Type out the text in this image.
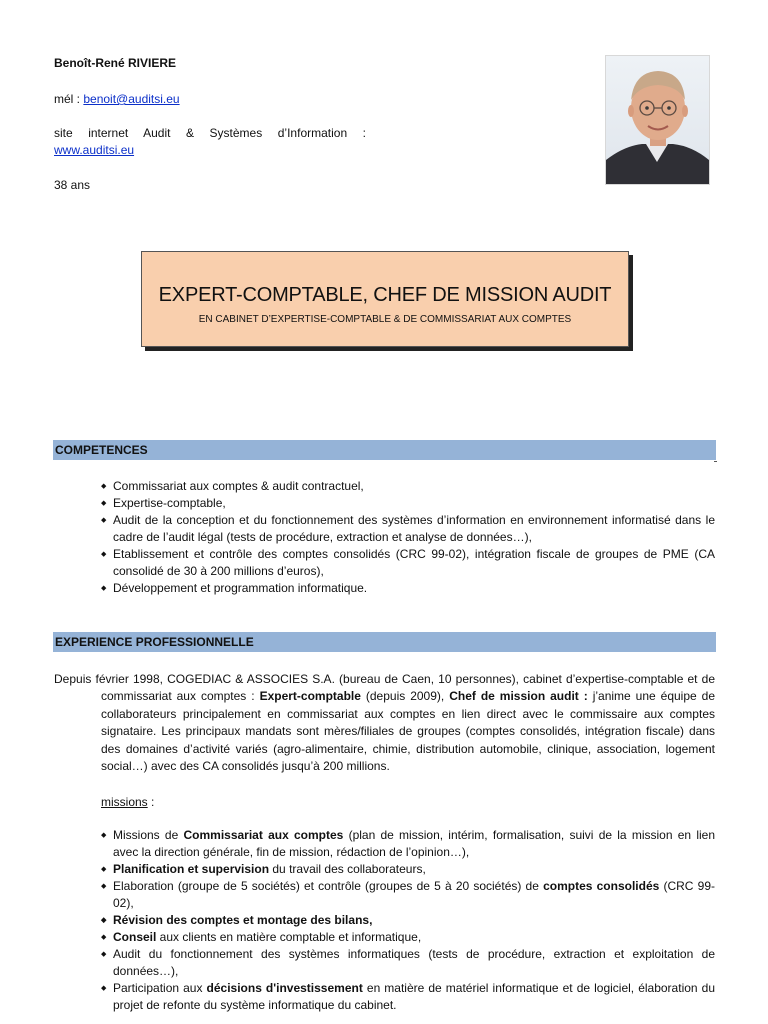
Benoît-René RIVIERE
mél : benoit@auditsi.eu
site internet Audit & Systèmes d’Information :
www.auditsi.eu
38 ans
EXPERT-COMPTABLE, CHEF DE MISSION AUDIT
EN CABINET D’EXPERTISE-COMPTABLE & DE COMMISSARIAT AUX COMPTES
COMPETENCES
◆ Commissariat aux comptes & audit contractuel,
◆ Expertise-comptable,
◆ Audit de la conception et du fonctionnement des systèmes d’information en environnement informatisé dans le cadre de l’audit légal (tests de procédure, extraction et analyse de données…),
◆ Etablissement et contrôle des comptes consolidés (CRC 99-02), intégration fiscale de groupes de PME (CA consolidé de 30 à 200 millions d’euros),
◆ Développement et programmation informatique.
EXPERIENCE PROFESSIONNELLE
Depuis février 1998, COGEDIAC & ASSOCIES S.A. (bureau de Caen, 10 personnes), cabinet d’expertise-comptable et de commissariat aux comptes : Expert-comptable (depuis 2009), Chef de mission audit : j’anime une équipe de collaborateurs principalement en commissariat aux comptes en lien direct avec le commissaire aux comptes signataire. Les principaux mandats sont mères/filiales de groupes (comptes consolidés, intégration fiscale) dans des domaines d’activité variés (agro-alimentaire, chimie, distribution automobile, clinique, association, logement social…) avec des CA consolidés jusqu’à 200 millions.
missions :
◆ Missions de Commissariat aux comptes (plan de mission, intérim, formalisation, suivi de la mission en lien avec la direction générale, fin de mission, rédaction de l’opinion…),
◆ Planification et supervision du travail des collaborateurs,
◆ Elaboration (groupe de 5 sociétés) et contrôle (groupes de 5 à 20 sociétés) de comptes consolidés (CRC 99-02),
◆ Révision des comptes et montage des bilans,
◆ Conseil aux clients en matière comptable et informatique,
◆ Audit du fonctionnement des systèmes informatiques (tests de procédure, extraction et exploitation de données…),
◆ Participation aux décisions d'investissement en matière de matériel informatique et de logiciel, élaboration du projet de refonte du système informatique du cabinet.
